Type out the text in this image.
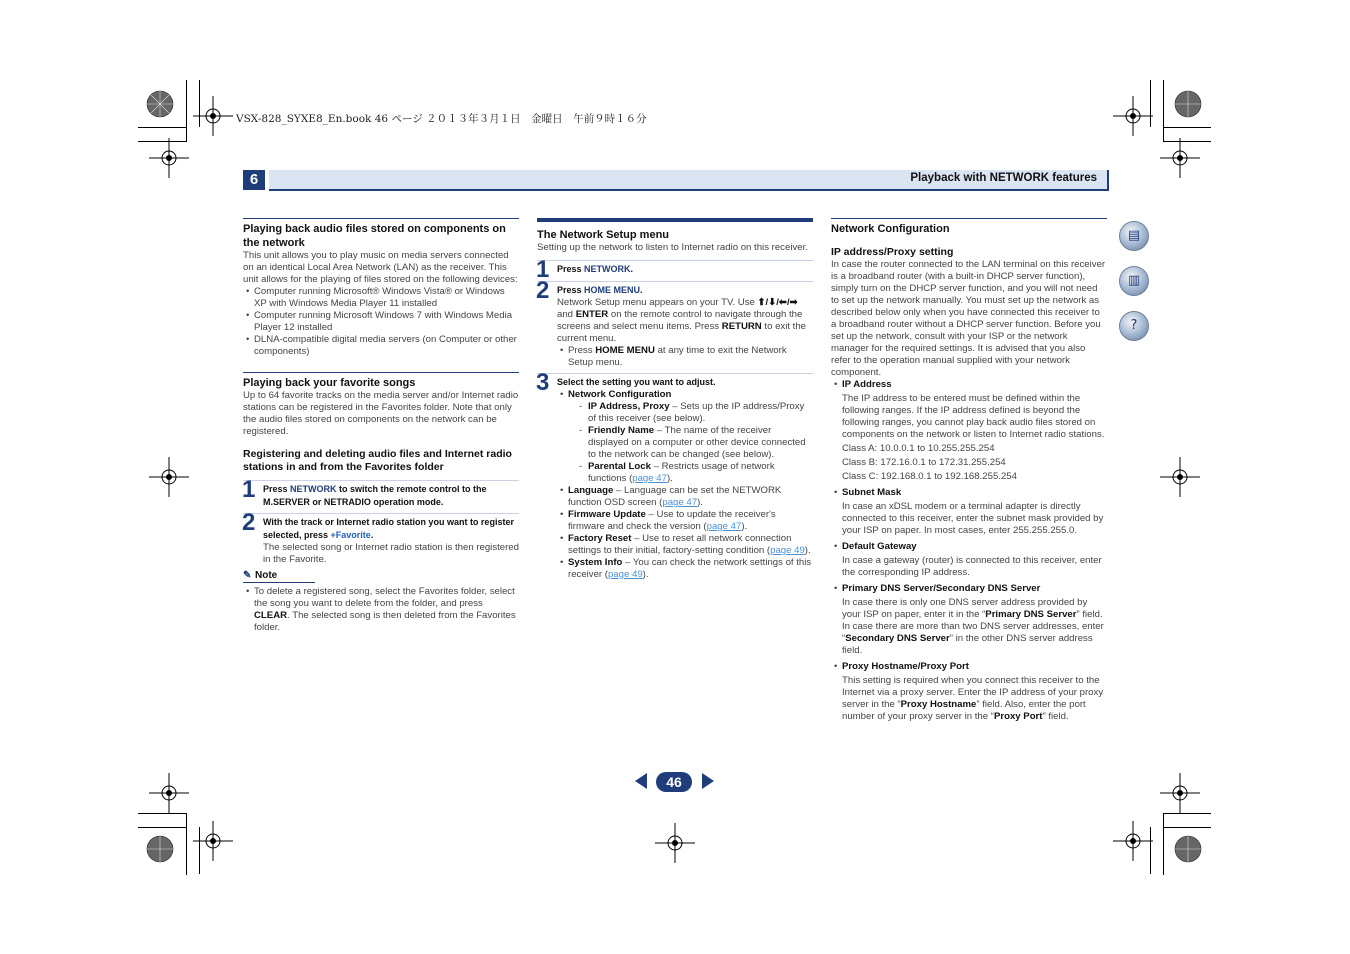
VSX-828_SYXE8_En.book 46 ページ ２０１３年３月１日　金曜日　午前９時１６分
6	Playback with NETWORK features
Playing back audio files stored on components on the network

This unit allows you to play music on media servers connected on an identical Local Area Network (LAN) as the receiver. This unit allows for the playing of files stored on the following devices:

• Computer running Microsoft® Windows Vista® or Windows XP with Windows Media Player 11 installed
• Computer running Microsoft Windows 7 with Windows Media Player 12 installed
• DLNA-compatible digital media servers (on Computer or other components)
Playing back your favorite songs

Up to 64 favorite tracks on the media server and/or Internet radio stations can be registered in the Favorites folder. Note that only the audio files stored on components on the network can be registered.

Registering and deleting audio files and Internet radio stations in and from the Favorites folder
1 Press NETWORK to switch the remote control to the M.SERVER or NETRADIO operation mode.
2 With the track or Internet radio station you want to register selected, press +Favorite.

The selected song or Internet radio station is then registered in the Favorite.

✎ Note
• To delete a registered song, select the Favorites folder, select the song you want to delete from the folder, and press CLEAR. The selected song is then deleted from the Favorites folder.
The Network Setup menu

Setting up the network to listen to Internet radio on this receiver.

1 Press NETWORK.
2 Press HOME MENU.

Network Setup menu appears on your TV. Use ⬆/⬇/⬅/➡ and ENTER on the remote control to navigate through the screens and select menu items. Press RETURN to exit the current menu.

• Press HOME MENU at any time to exit the Network Setup menu.
3 Select the setting you want to adjust.
• Network Configuration
- IP Address, Proxy – Sets up the IP address/Proxy of this receiver (see below).
- Friendly Name – The name of the receiver displayed on a computer or other device connected to the network can be changed (see below).
- Parental Lock – Restricts usage of network functions (page 47).
• Language – Language can be set the NETWORK function OSD screen (page 47).
• Firmware Update – Use to update the receiver's firmware and check the version (page 47).
• Factory Reset – Use to reset all network connection settings to their initial, factory-setting condition (page 49).
• System Info – You can check the network settings of this receiver (page 49).
Network Configuration
IP address/Proxy setting

In case the router connected to the LAN terminal on this receiver is a broadband router (with a built-in DHCP server function), simply turn on the DHCP server function, and you will not need to set up the network manually. You must set up the network as described below only when you have connected this receiver to a broadband router without a DHCP server function. Before you set up the network, consult with your ISP or the network manager for the required settings. It is advised that you also refer to the operation manual supplied with your network component.

• IP Address

The IP address to be entered must be defined within the following ranges. If the IP address defined is beyond the following ranges, you cannot play back audio files stored on components on the network or listen to Internet radio stations.

Class A: 10.0.0.1 to 10.255.255.254

Class B: 172.16.0.1 to 172.31.255.254

Class C: 192.168.0.1 to 192.168.255.254

• Subnet Mask

In case an xDSL modem or a terminal adapter is directly connected to this receiver, enter the subnet mask provided by your ISP on paper. In most cases, enter 255.255.255.0.

• Default Gateway

In case a gateway (router) is connected to this receiver, enter the corresponding IP address.

• Primary DNS Server/Secondary DNS Server

In case there is only one DNS server address provided by your ISP on paper, enter it in the “Primary DNS Server” field. In case there are more than two DNS server addresses, enter “Secondary DNS Server” in the other DNS server address field.

• Proxy Hostname/Proxy Port

This setting is required when you connect this receiver to the Internet via a proxy server. Enter the IP address of your proxy server in the “Proxy Hostname” field. Also, enter the port number of your proxy server in the “Proxy Port” field.

▤
▥
?
46
